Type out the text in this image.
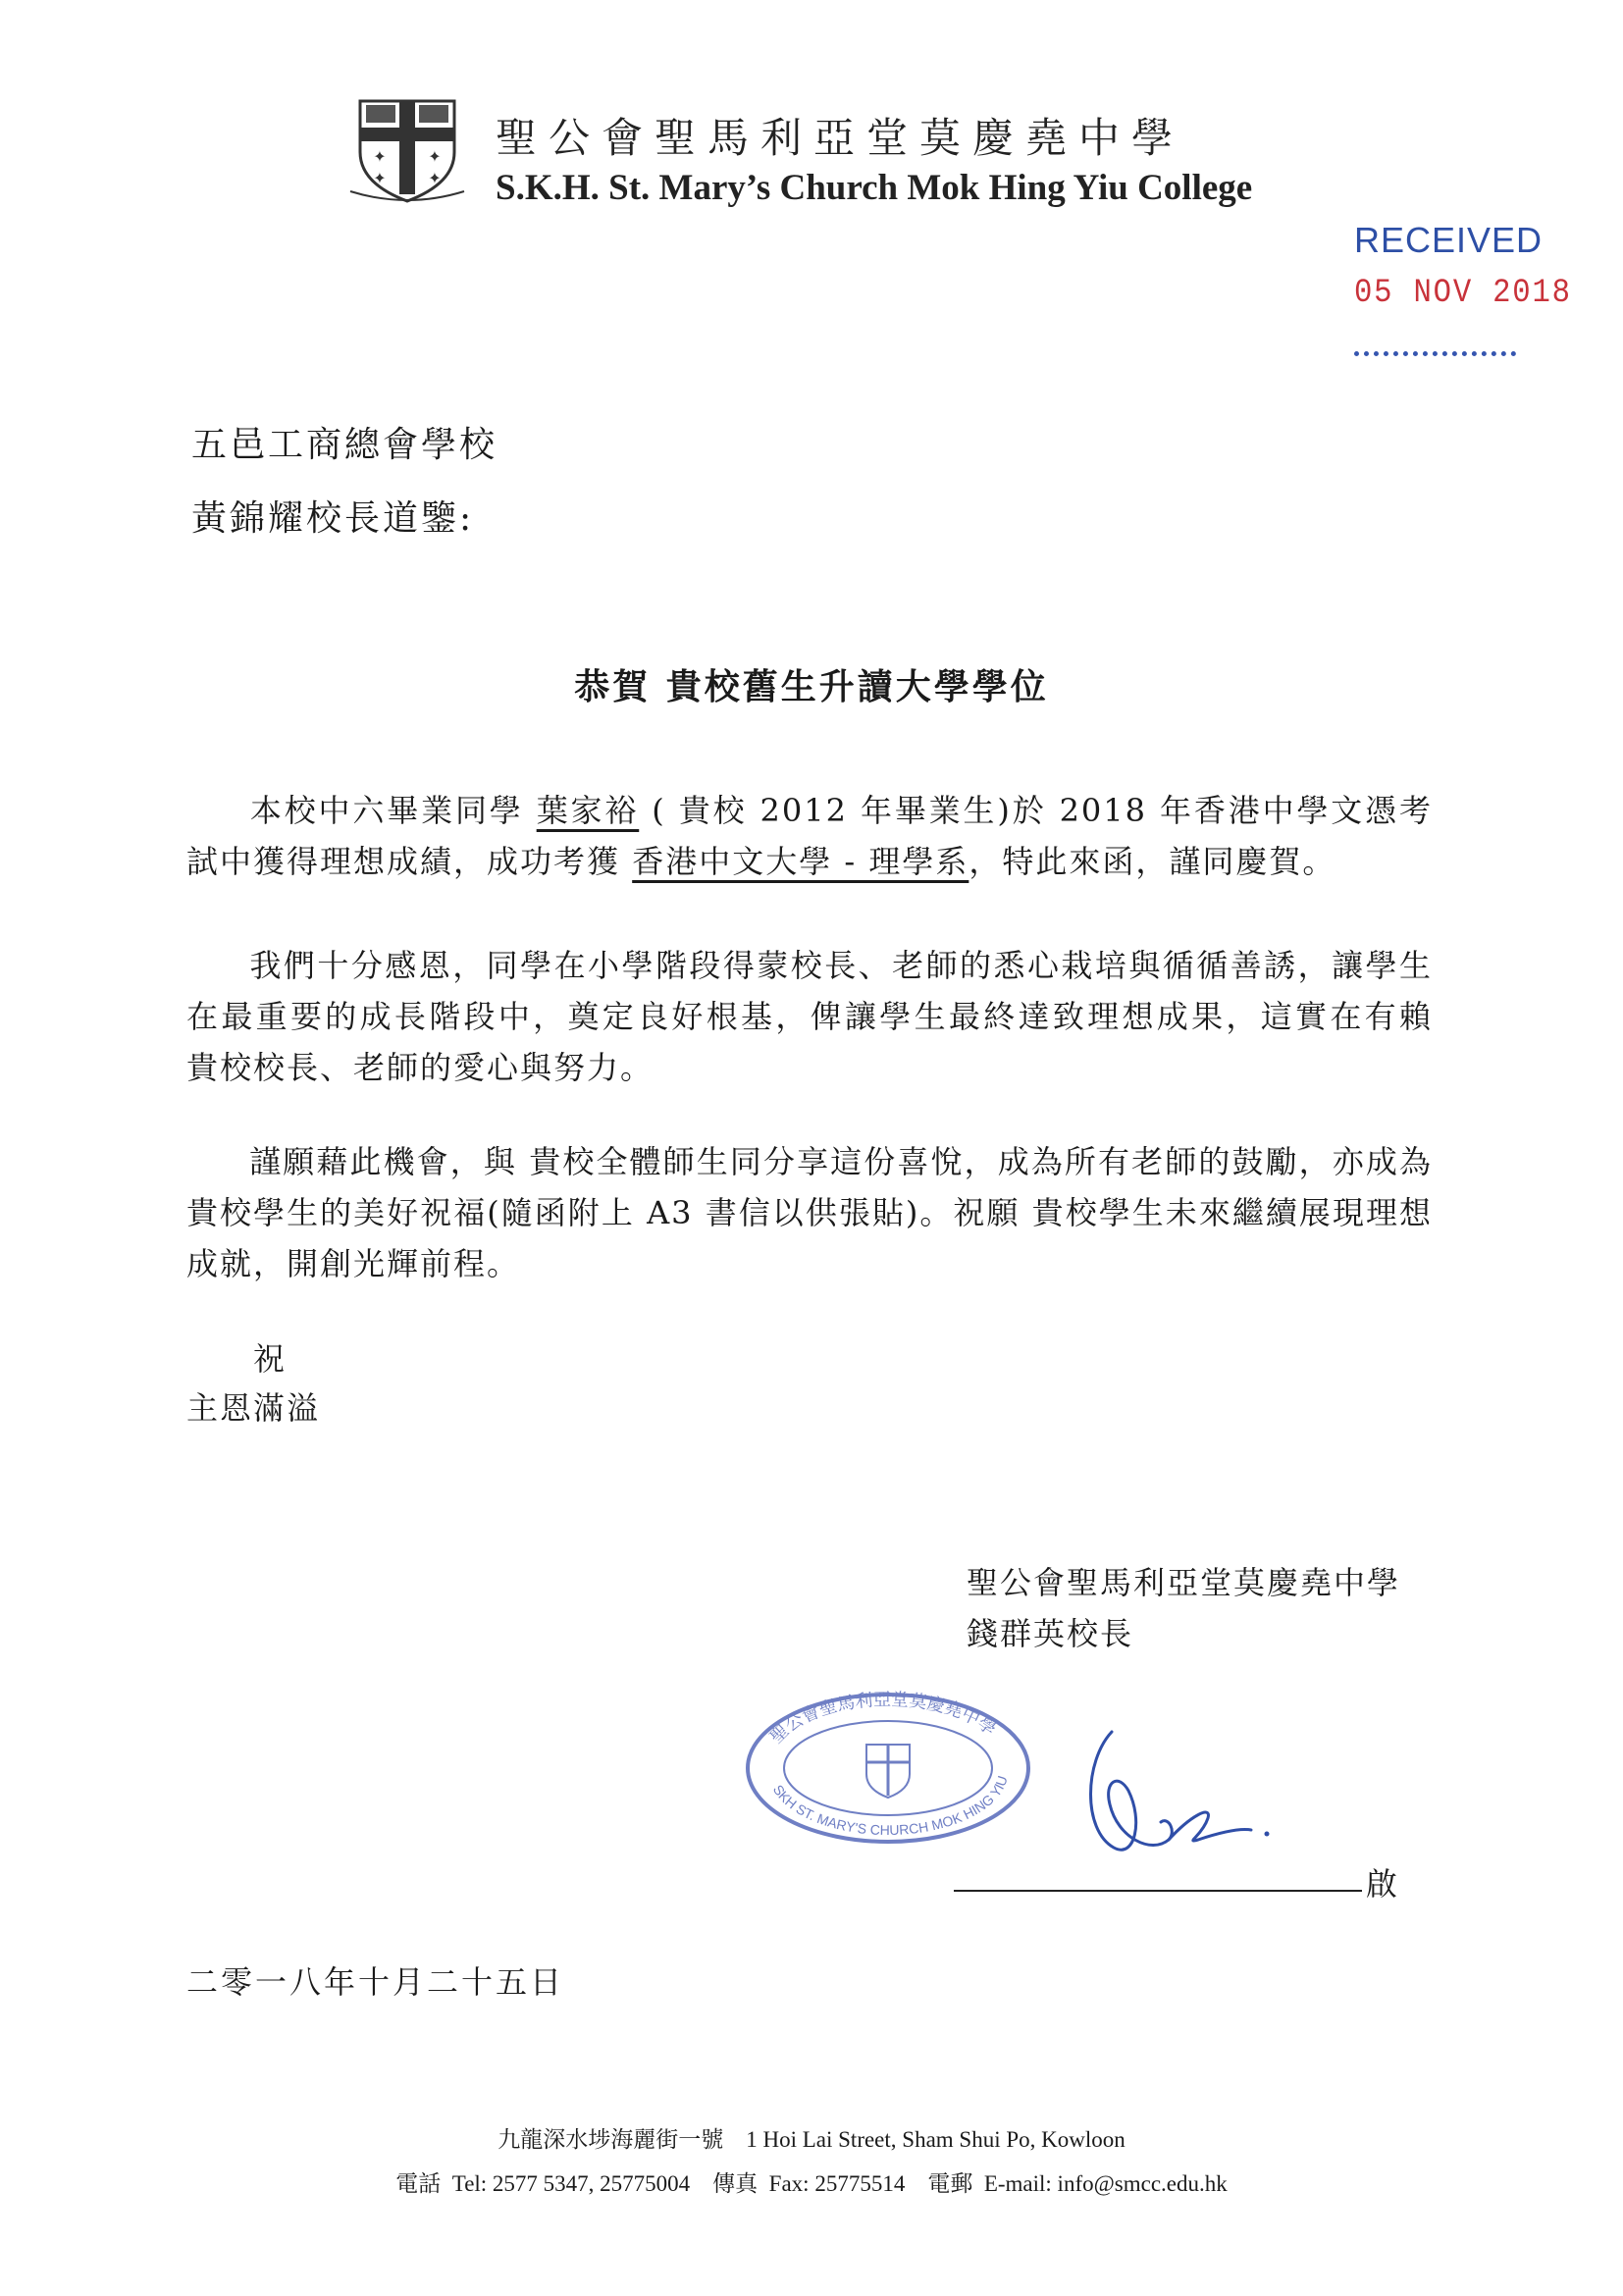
✦	✦
✦	✦
聖公會聖馬利亞堂莫慶堯中學
S.K.H. St. Mary’s Church Mok Hing Yiu College
RECEIVED
05 NOV 2018
五邑工商總會學校
黃錦耀校長道鑒:
恭賀 貴校舊生升讀大學學位
本校中六畢業同學 葉家裕 ( 貴校 2012 年畢業生)於 2018 年香港中學文憑考試中獲得理想成績，成功考獲 香港中文大學 - 理學系，特此來函，謹同慶賀。
我們十分感恩，同學在小學階段得蒙校長、老師的悉心栽培與循循善誘，讓學生在最重要的成長階段中，奠定良好根基，俾讓學生最終達致理想成果，這實在有賴　貴校校長、老師的愛心與努力。
謹願藉此機會，與 貴校全體師生同分享這份喜悅，成為所有老師的鼓勵，亦成為 貴校學生的美好祝福(隨函附上 A3 書信以供張貼)。祝願 貴校學生未來繼續展現理想成就，開創光輝前程。
祝
主恩滿溢
聖公會聖馬利亞堂莫慶堯中學
錢群英校長
聖公會聖馬利亞堂莫慶堯中學
SKH ST. MARY'S CHURCH MOK HING YIU
啟
二零一八年十月二十五日
九龍深水埗海麗街一號    1 Hoi Lai Street, Sham Shui Po, Kowloon
電話  Tel: 2577 5347, 25775004    傳真  Fax: 25775514    電郵  E-mail: info@smcc.edu.hk
